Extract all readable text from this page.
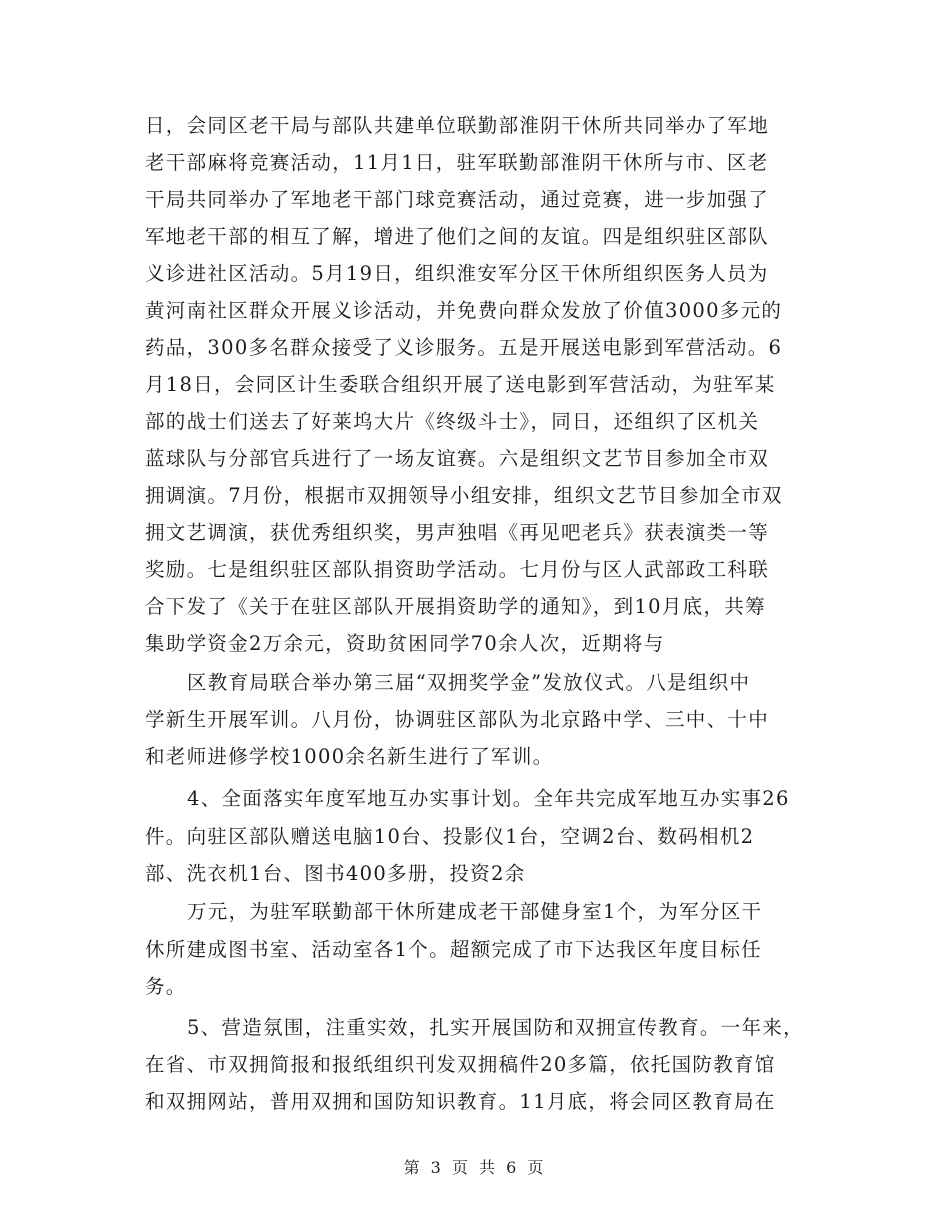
日，会同区老干局与部队共建单位联勤部淮阴干休所共同举办了军地
老干部麻将竞赛活动，11月1日，驻军联勤部淮阴干休所与市、区老
干局共同举办了军地老干部门球竞赛活动，通过竞赛，进一步加强了
军地老干部的相互了解，增进了他们之间的友谊。四是组织驻区部队
义诊进社区活动。5月19日，组织淮安军分区干休所组织医务人员为
黄河南社区群众开展义诊活动，并免费向群众发放了价值3000多元的
药品，300多名群众接受了义诊服务。五是开展送电影到军营活动。6
月18日，会同区计生委联合组织开展了送电影到军营活动，为驻军某
部的战士们送去了好莱坞大片《终级斗士》，同日，还组织了区机关
蓝球队与分部官兵进行了一场友谊赛。六是组织文艺节目参加全市双
拥调演。7月份，根据市双拥领导小组安排，组织文艺节目参加全市双
拥文艺调演，获优秀组织奖，男声独唱《再见吧老兵》获表演类一等
奖励。七是组织驻区部队捐资助学活动。七月份与区人武部政工科联
合下发了《关于在驻区部队开展捐资助学的通知》，到10月底，共筹
集助学资金2万余元，资助贫困同学70余人次，近期将与
区教育局联合举办第三届“双拥奖学金”发放仪式。八是组织中
学新生开展军训。八月份，协调驻区部队为北京路中学、三中、十中
和老师进修学校1000余名新生进行了军训。
4、全面落实年度军地互办实事计划。全年共完成军地互办实事26
件。向驻区部队赠送电脑10台、投影仪1台，空调2台、数码相机2
部、洗衣机1台、图书400多册，投资2余
万元，为驻军联勤部干休所建成老干部健身室1个，为军分区干
休所建成图书室、活动室各1个。超额完成了市下达我区年度目标任
务。
5、营造氛围，注重实效，扎实开展国防和双拥宣传教育。一年来，
在省、市双拥简报和报纸组织刊发双拥稿件20多篇，依托国防教育馆
和双拥网站，普用双拥和国防知识教育。11月底，将会同区教育局在
第 3 页 共 6 页
